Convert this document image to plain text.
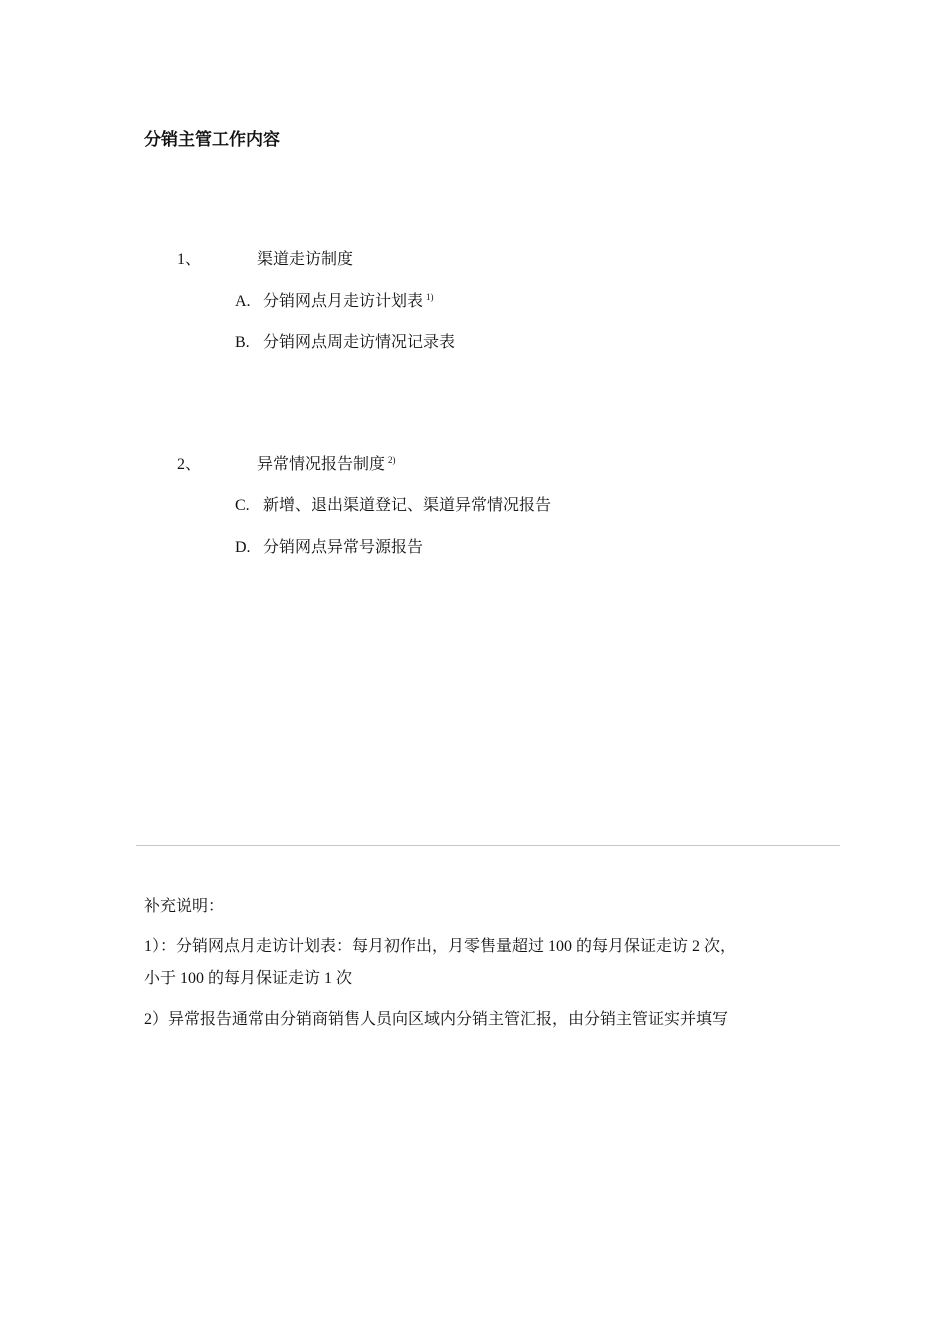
分销主管工作内容
1、	渠道走访制度
A. 分销网点月走访计划表 $^{1)}$
B. 分销网点周走访情况记录表
2、	异常情况报告制度 $^{2)}$
C. 新增、退出渠道登记、渠道异常情况报告
D. 分销网点异常号源报告
补充说明：
1）：分销网点月走访计划表：每月初作出，月零售量超过 100 的每月保证走访 2 次，
小于 100 的每月保证走访 1 次
2）异常报告通常由分销商销售人员向区域内分销主管汇报，由分销主管证实并填写
